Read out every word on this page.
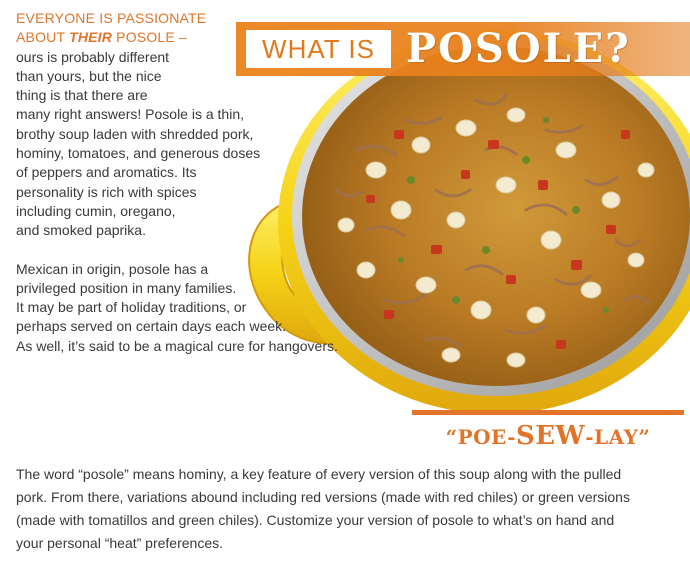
WHAT IS POSOLE?

EVERYONE IS PASSIONATE
ABOUT THEIR POSOLE –
ours is probably different
than yours, but the nice
thing is that there are
many right answers! Posole is a thin,
brothy soup laden with shredded pork,
hominy, tomatoes, and generous doses
of peppers and aromatics. Its
personality is rich with spices
including cumin, oregano,
and smoked paprika.

Mexican in origin, posole has a
privileged position in many families.
It may be part of holiday traditions, or
perhaps served on certain days each week.
As well, it’s said to be a magical cure for hangovers.

“POE-SEW-LAY”
The word “posole” means hominy, a key feature of every version of this soup along with the pulled
pork. From there, variations abound including red versions (made with red chiles) or green versions
(made with tomatillos and green chiles). Customize your version of posole to what’s on hand and
your personal “heat” preferences.
